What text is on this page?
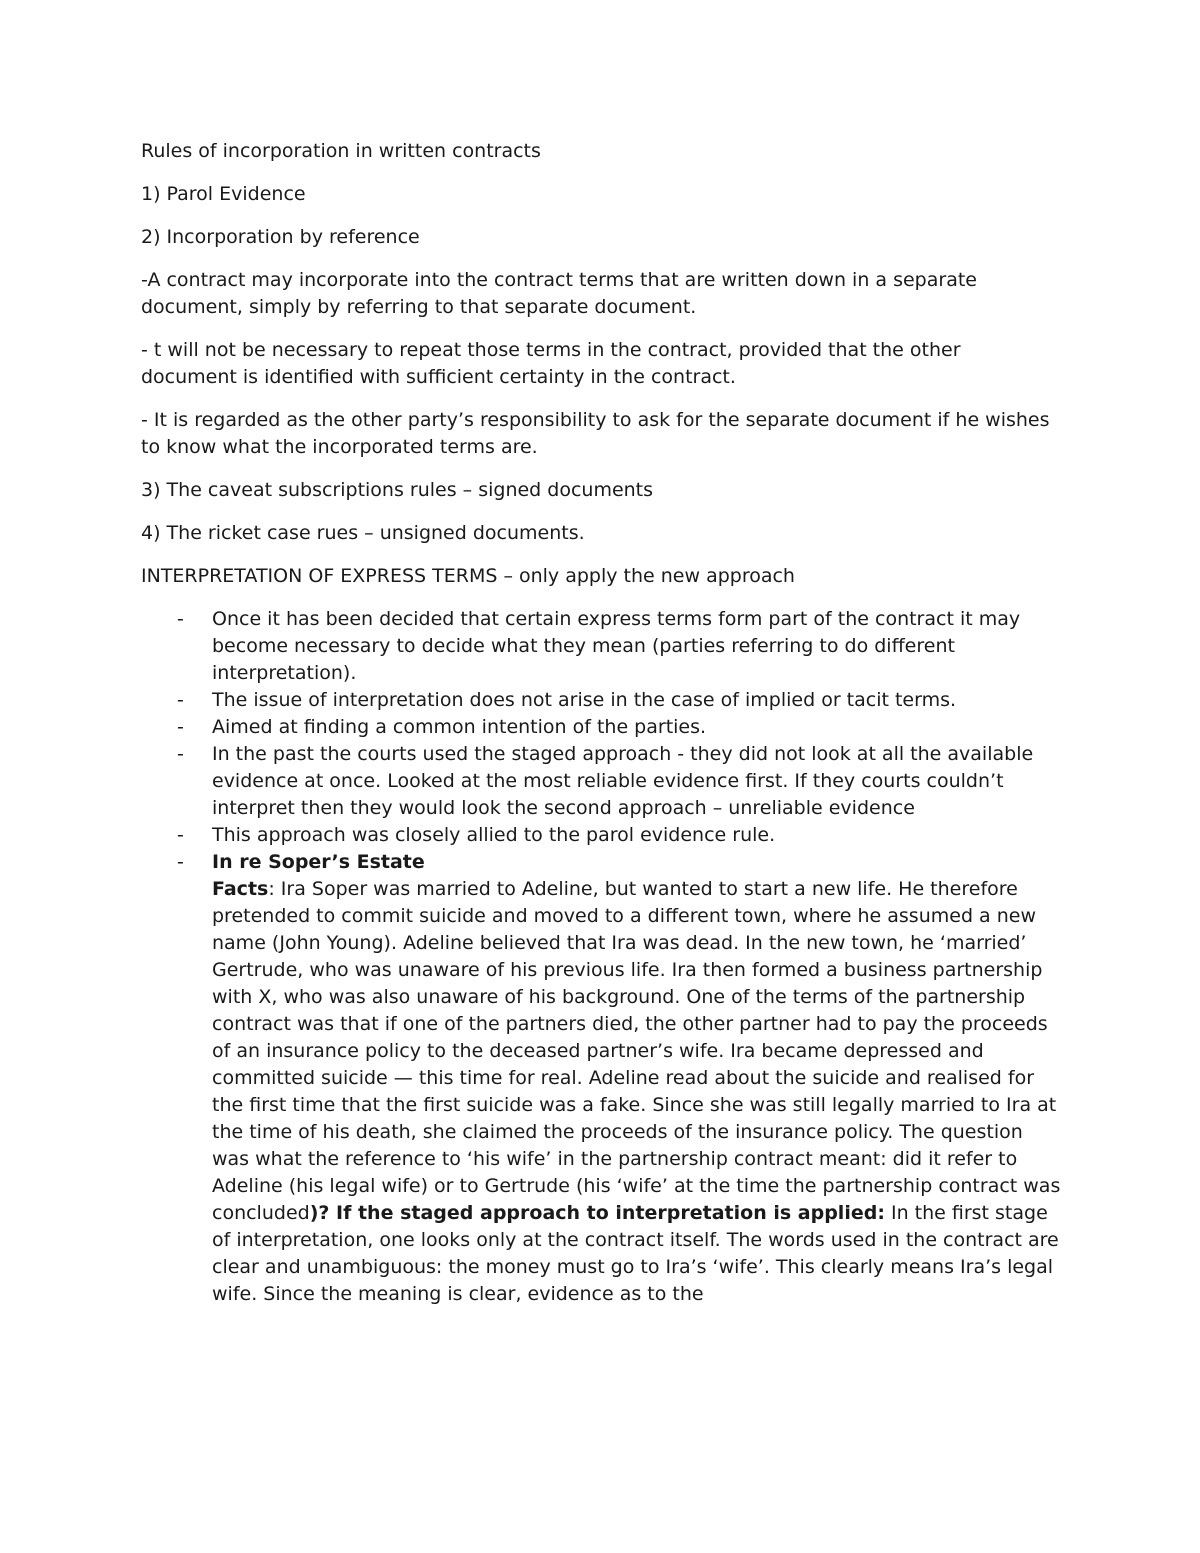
Rules of incorporation in written contracts

1) Parol Evidence

2) Incorporation by reference

-A contract may incorporate into the contract terms that are written down in a separate document, simply by referring to that separate document.

- t will not be necessary to repeat those terms in the contract, provided that the other document is identified with sufficient certainty in the contract.

- It is regarded as the other party’s responsibility to ask for the separate document if he wishes to know what the incorporated terms are.

3) The caveat subscriptions rules – signed documents

4) The ricket case rues – unsigned documents.

INTERPRETATION OF EXPRESS TERMS – only apply the new approach

- Once it has been decided that certain express terms form part of the contract it may become necessary to decide what they mean (parties referring to do different interpretation).
- The issue of interpretation does not arise in the case of implied or tacit terms.
- Aimed at finding a common intention of the parties.
- In the past the courts used the staged approach - they did not look at all the available evidence at once. Looked at the most reliable evidence first. If they courts couldn’t interpret then they would look the second approach – unreliable evidence
- This approach was closely allied to the parol evidence rule.
- In re Soper’s Estate
Facts: Ira Soper was married to Adeline, but wanted to start a new life. He therefore pretended to commit suicide and moved to a different town, where he assumed a new name (John Young). Adeline believed that Ira was dead. In the new town, he ‘married’ Gertrude, who was unaware of his previous life. Ira then formed a business partnership with X, who was also unaware of his background. One of the terms of the partnership contract was that if one of the partners died, the other partner had to pay the proceeds of an insurance policy to the deceased partner’s wife. Ira became depressed and committed suicide — this time for real. Adeline read about the suicide and realised for the first time that the first suicide was a fake. Since she was still legally married to Ira at the time of his death, she claimed the proceeds of the insurance policy. The question was what the reference to ‘his wife’ in the partnership contract meant: did it refer to Adeline (his legal wife) or to Gertrude (his ‘wife’ at the time the partnership contract was concluded)? If the staged approach to interpretation is applied: In the first stage of interpretation, one looks only at the contract itself. The words used in the contract are clear and unambiguous: the money must go to Ira’s ‘wife’. This clearly means Ira’s legal wife. Since the meaning is clear, evidence as to the
